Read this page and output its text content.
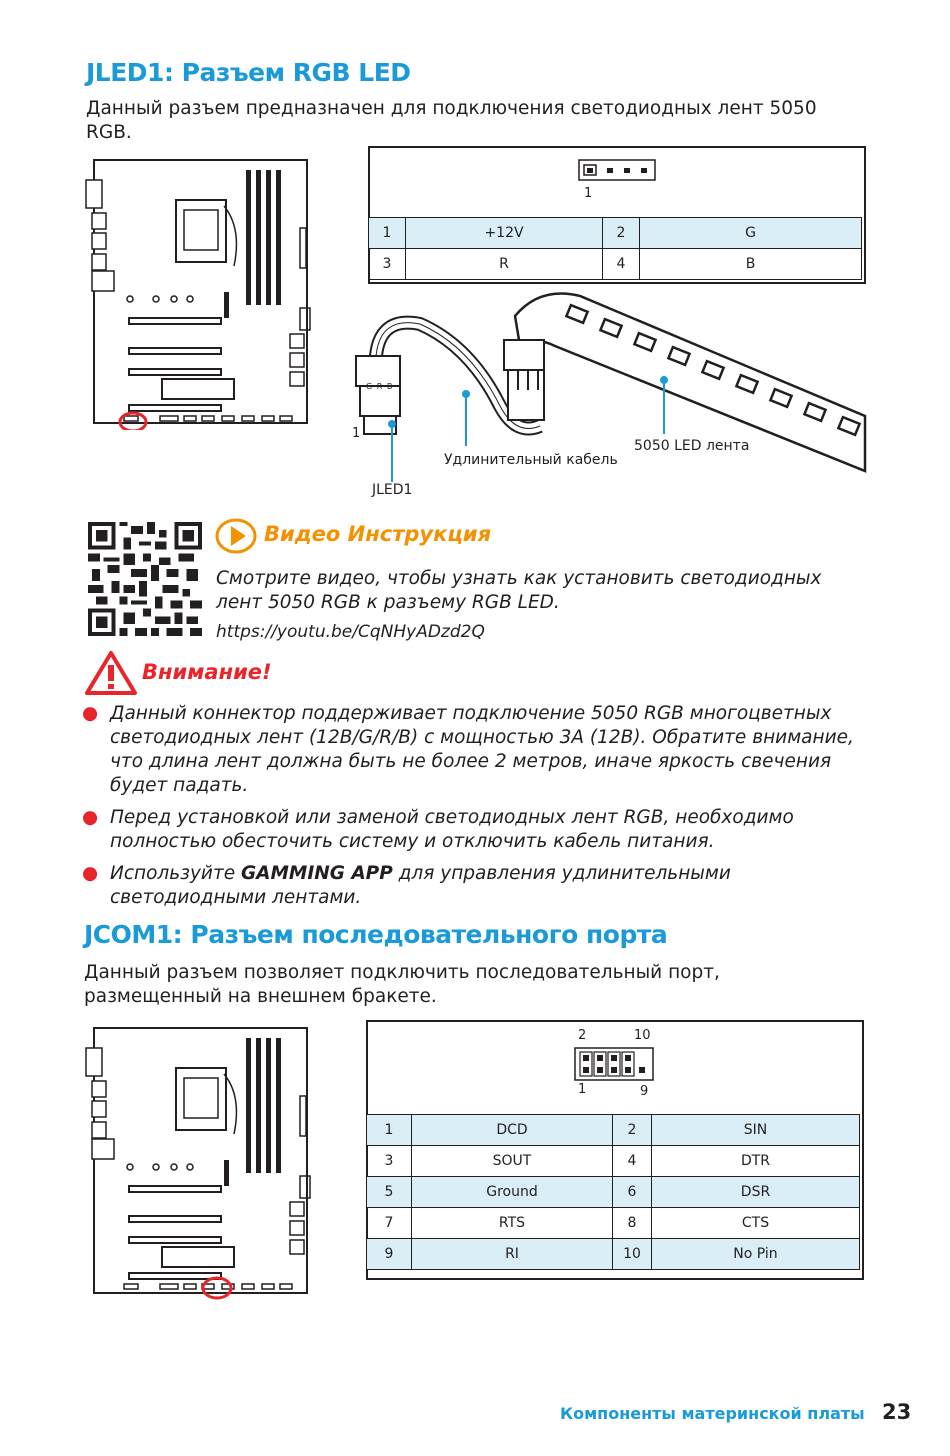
JLED1: Разъем RGB LED
Данный разъем предназначен для подключения светодиодных лент 5050
RGB.
1
1	+12V	2	G
3	R	4	B
G R B
1
JLED1
Удлинительный кабель
5050 LED лента
Видео Инструкция
Смотрите видео, чтобы узнать как установить светодиодных
лент 5050 RGB к разъему RGB LED.
https://youtu.be/CqNHyADzd2Q
Внимание!
● Данный коннектор поддерживает подключение 5050 RGB многоцветных
светодиодных лент (12B/G/R/B) с мощностью 3A (12B). Обратите внимание,
что длина лент должна быть не более 2 метров, иначе яркость свечения
будет падать.
● Перед установкой или заменой светодиодных лент RGB, необходимо
полностью обесточить систему и отключить кабель питания.
● Используйте GAMMING APP для управления удлинительными
светодиодными лентами.
JCOM1: Разъем последовательного порта
Данный разъем позволяет подключить последовательный порт,
размещенный на внешнем бракете.
2	10
1	9
1	DCD	2	SIN
3	SOUT	4	DTR
5	Ground	6	DSR
7	RTS	8	CTS
9	RI	10	No Pin
Компоненты материнской платы 23
